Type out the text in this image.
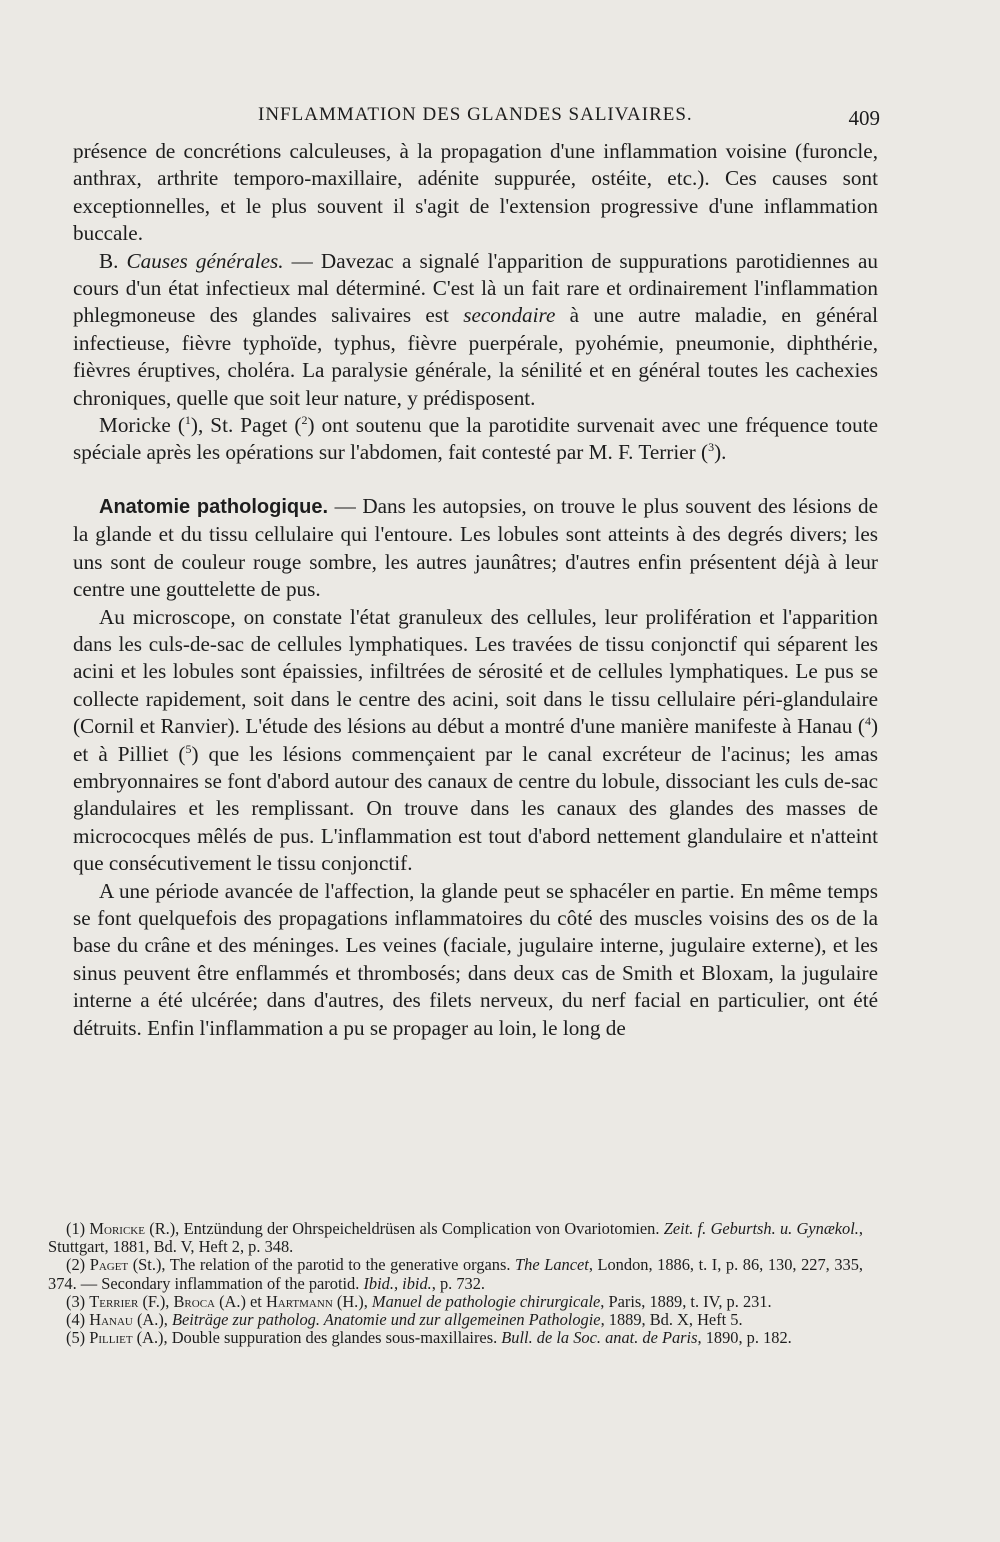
INFLAMMATION DES GLANDES SALIVAIRES.	409

présence de concrétions calculeuses, à la propagation d'une inflammation voisine (furoncle, anthrax, arthrite temporo-maxillaire, adénite suppurée, ostéite, etc.). Ces causes sont exceptionnelles, et le plus souvent il s'agit de l'extension progressive d'une inflammation buccale.

B. Causes générales. — Davezac a signalé l'apparition de suppurations parotidiennes au cours d'un état infectieux mal déterminé. C'est là un fait rare et ordinairement l'inflammation phlegmoneuse des glandes salivaires est secondaire à une autre maladie, en général infectieuse, fièvre typhoïde, typhus, fièvre puerpérale, pyohémie, pneumonie, diphthérie, fièvres éruptives, choléra. La paralysie générale, la sénilité et en général toutes les cachexies chroniques, quelle que soit leur nature, y prédisposent.

Moricke ($^1$), St. Paget ($^2$) ont soutenu que la parotidite survenait avec une fréquence toute spéciale après les opérations sur l'abdomen, fait contesté par M. F. Terrier ($^3$).

Anatomie pathologique. — Dans les autopsies, on trouve le plus souvent des lésions de la glande et du tissu cellulaire qui l'entoure. Les lobules sont atteints à des degrés divers; les uns sont de couleur rouge sombre, les autres jaunâtres; d'autres enfin présentent déjà à leur centre une gouttelette de pus.

Au microscope, on constate l'état granuleux des cellules, leur prolifération et l'apparition dans les culs-de-sac de cellules lymphatiques. Les travées de tissu conjonctif qui séparent les acini et les lobules sont épaissies, infiltrées de sérosité et de cellules lymphatiques. Le pus se collecte rapidement, soit dans le centre des acini, soit dans le tissu cellulaire péri-glandulaire (Cornil et Ranvier). L'étude des lésions au début a montré d'une manière manifeste à Hanau ($^4$) et à Pilliet ($^5$) que les lésions commençaient par le canal excréteur de l'acinus; les amas embryonnaires se font d'abord autour des canaux de centre du lobule, dissociant les culs de-sac glandulaires et les remplissant. On trouve dans les canaux des glandes des masses de micrococques mêlés de pus. L'inflammation est tout d'abord nettement glandulaire et n'atteint que consécutivement le tissu conjonctif.

A une période avancée de l'affection, la glande peut se sphacéler en partie. En même temps se font quelquefois des propagations inflammatoires du côté des muscles voisins des os de la base du crâne et des méninges. Les veines (faciale, jugulaire interne, jugulaire externe), et les sinus peuvent être enflammés et thrombosés; dans deux cas de Smith et Bloxam, la jugulaire interne a été ulcérée; dans d'autres, des filets nerveux, du nerf facial en particulier, ont été détruits. Enfin l'inflammation a pu se propager au loin, le long de

(1) Moricke (R.), Entzündung der Ohrspeicheldrüsen als Complication von Ovariotomien. Zeit. f. Geburtsh. u. Gynækol., Stuttgart, 1881, Bd. V, Heft 2, p. 348.

(2) Paget (St.), The relation of the parotid to the generative organs. The Lancet, London, 1886, t. I, p. 86, 130, 227, 335, 374. — Secondary inflammation of the parotid. Ibid., ibid., p. 732.

(3) Terrier (F.), Broca (A.) et Hartmann (H.), Manuel de pathologie chirurgicale, Paris, 1889, t. IV, p. 231.

(4) Hanau (A.), Beiträge zur patholog. Anatomie und zur allgemeinen Pathologie, 1889, Bd. X, Heft 5.

(5) Pilliet (A.), Double suppuration des glandes sous-maxillaires. Bull. de la Soc. anat. de Paris, 1890, p. 182.
